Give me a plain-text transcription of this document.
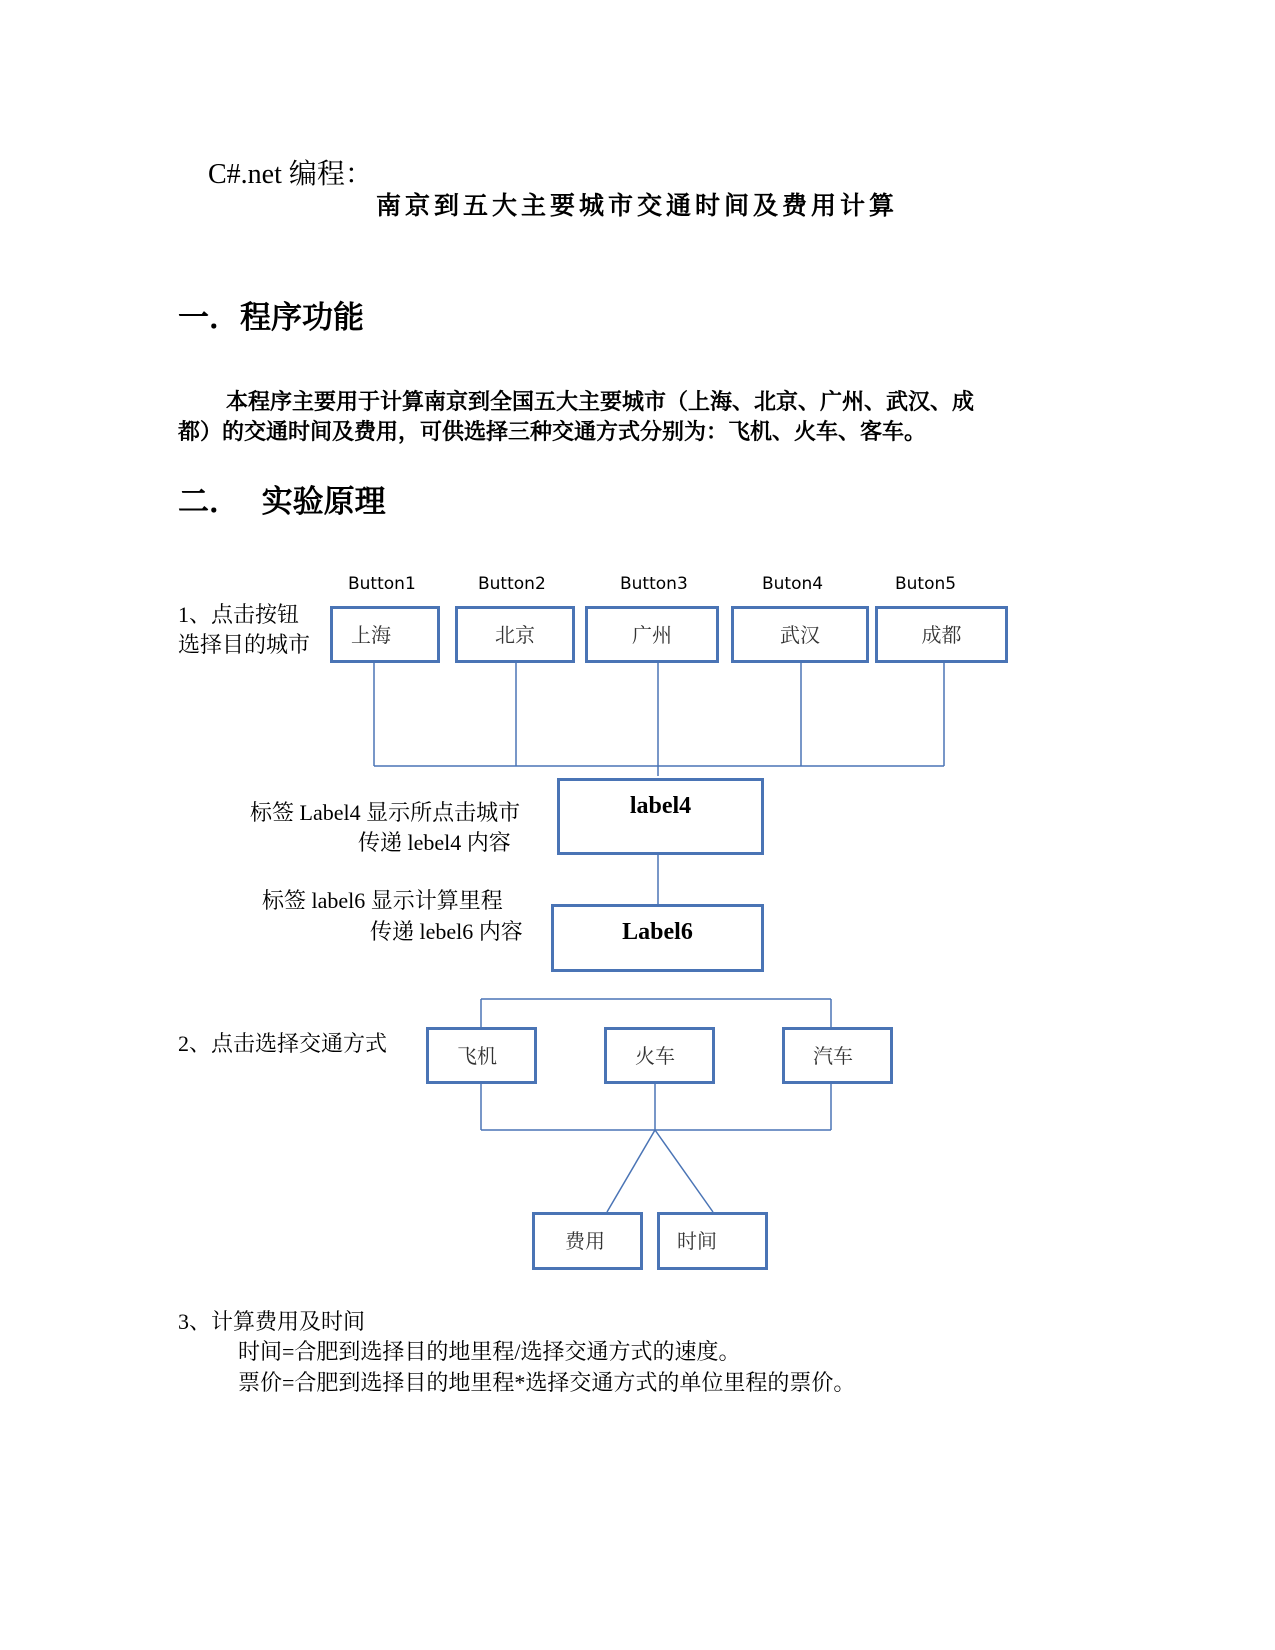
C#.net 编程：
南京到五大主要城市交通时间及费用计算
一．程序功能
本程序主要用于计算南京到全国五大主要城市（上海、北京、广州、武汉、成
都）的交通时间及费用，可供选择三种交通方式分别为：飞机、火车、客车。
二．  实验原理
1、点击按钮
选择目的城市
Button1	Button2	Button3	Buton4	Buton5
上海	北京	广州	武汉	成都
标签 Label4 显示所点击城市
传递 lebel4 内容
label4
标签 label6 显示计算里程
传递 lebel6 内容	Label6
2、点击选择交通方式
飞机	火车	汽车
费用	时间
3、计算费用及时间
时间=合肥到选择目的地里程/选择交通方式的速度。
票价=合肥到选择目的地里程*选择交通方式的单位里程的票价。
